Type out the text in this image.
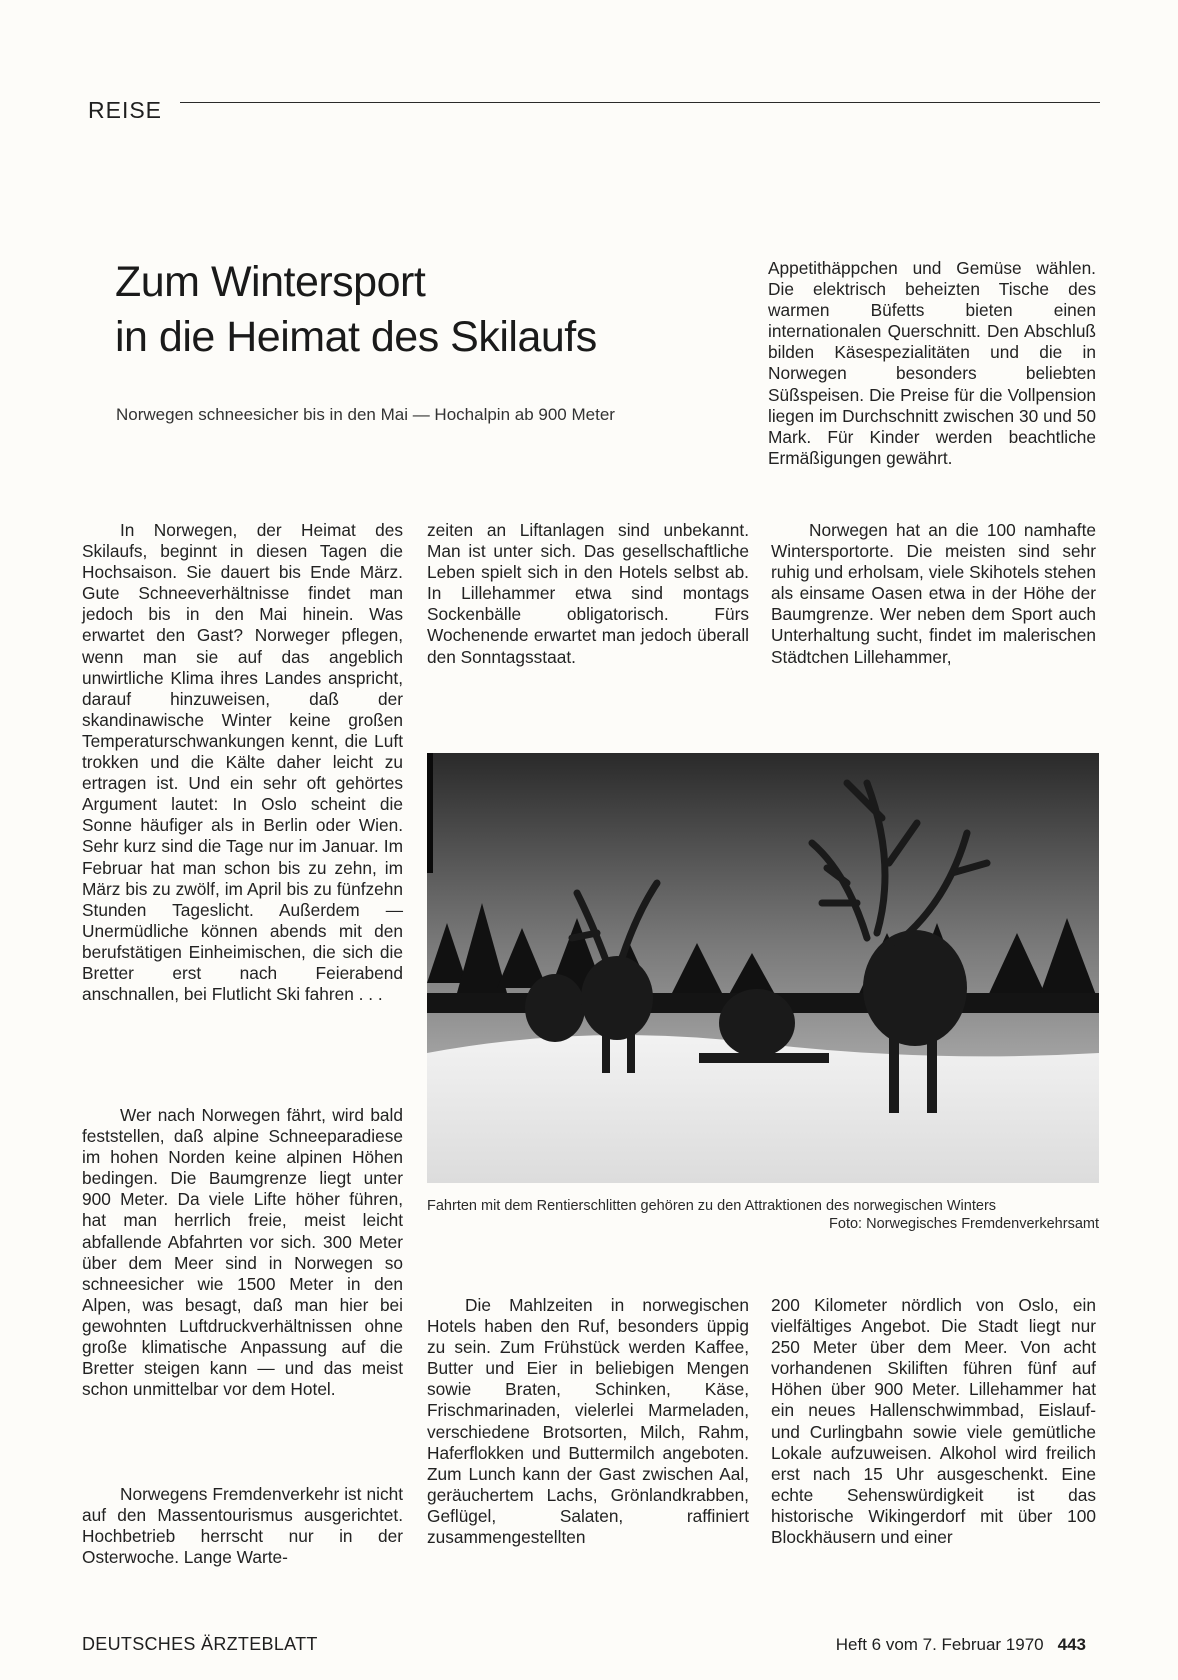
REISE
Zum Wintersport
in die Heimat des Skilaufs
Norwegen schneesicher bis in den Mai — Hochalpin ab 900 Meter

Appetithäppchen und Gemüse wählen. Die elektrisch beheizten Tische des warmen Büfetts bieten einen internationalen Querschnitt. Den Abschluß bilden Käsespezialitäten und die in Norwegen besonders beliebten Süßspeisen. Die Preise für die Vollpension liegen im Durchschnitt zwischen 30 und 50 Mark. Für Kinder werden beachtliche Ermäßigungen gewährt.

In Norwegen, der Heimat des Skilaufs, beginnt in diesen Tagen die Hochsaison. Sie dauert bis Ende März. Gute Schneeverhältnisse findet man jedoch bis in den Mai hinein. Was erwartet den Gast? Norweger pflegen, wenn man sie auf das angeblich unwirtliche Klima ihres Landes anspricht, darauf hinzuweisen, daß der skandinawische Winter keine großen Temperaturschwankungen kennt, die Luft trokken und die Kälte daher leicht zu ertragen ist. Und ein sehr oft gehörtes Argument lautet: In Oslo scheint die Sonne häufiger als in Berlin oder Wien. Sehr kurz sind die Tage nur im Januar. Im Februar hat man schon bis zu zehn, im März bis zu zwölf, im April bis zu fünfzehn Stunden Tageslicht. Außerdem — Unermüdliche können abends mit den berufstätigen Einheimischen, die sich die Bretter erst nach Feierabend anschnallen, bei Flutlicht Ski fahren . . .

Wer nach Norwegen fährt, wird bald feststellen, daß alpine Schneeparadiese im hohen Norden keine alpinen Höhen bedingen. Die Baumgrenze liegt unter 900 Meter. Da viele Lifte höher führen, hat man herrlich freie, meist leicht abfallende Abfahrten vor sich. 300 Meter über dem Meer sind in Norwegen so schneesicher wie 1500 Meter in den Alpen, was besagt, daß man hier bei gewohnten Luftdruckverhältnissen ohne große klimatische Anpassung auf die Bretter steigen kann — und das meist schon unmittelbar vor dem Hotel.

Norwegens Fremdenverkehr ist nicht auf den Massentourismus ausgerichtet. Hochbetrieb herrscht nur in der Osterwoche. Lange Warte-

zeiten an Liftanlagen sind unbekannt. Man ist unter sich. Das gesellschaftliche Leben spielt sich in den Hotels selbst ab. In Lillehammer etwa sind montags Sockenbälle obligatorisch. Fürs Wochenende erwartet man jedoch überall den Sonntagsstaat.

Norwegen hat an die 100 namhafte Wintersportorte. Die meisten sind sehr ruhig und erholsam, viele Skihotels stehen als einsame Oasen etwa in der Höhe der Baumgrenze. Wer neben dem Sport auch Unterhaltung sucht, findet im malerischen Städtchen Lillehammer,

Fahrten mit dem Rentierschlitten gehören zu den Attraktionen des norwegischen Winters
Foto: Norwegisches Fremdenverkehrsamt

Die Mahlzeiten in norwegischen Hotels haben den Ruf, besonders üppig zu sein. Zum Frühstück werden Kaffee, Butter und Eier in beliebigen Mengen sowie Braten, Schinken, Käse, Frischmarinaden, vielerlei Marmeladen, verschiedene Brotsorten, Milch, Rahm, Haferflokken und Buttermilch angeboten. Zum Lunch kann der Gast zwischen Aal, geräuchertem Lachs, Grönlandkrabben, Geflügel, Salaten, raffiniert zusammengestellten

200 Kilometer nördlich von Oslo, ein vielfältiges Angebot. Die Stadt liegt nur 250 Meter über dem Meer. Von acht vorhandenen Skiliften führen fünf auf Höhen über 900 Meter. Lillehammer hat ein neues Hallenschwimmbad, Eislauf- und Curlingbahn sowie viele gemütliche Lokale aufzuweisen. Alkohol wird freilich erst nach 15 Uhr ausgeschenkt. Eine echte Sehenswürdigkeit ist das historische Wikingerdorf mit über 100 Blockhäusern und einer

DEUTSCHES ÄRZTEBLATT	Heft 6 vom 7. Februar 1970 443
